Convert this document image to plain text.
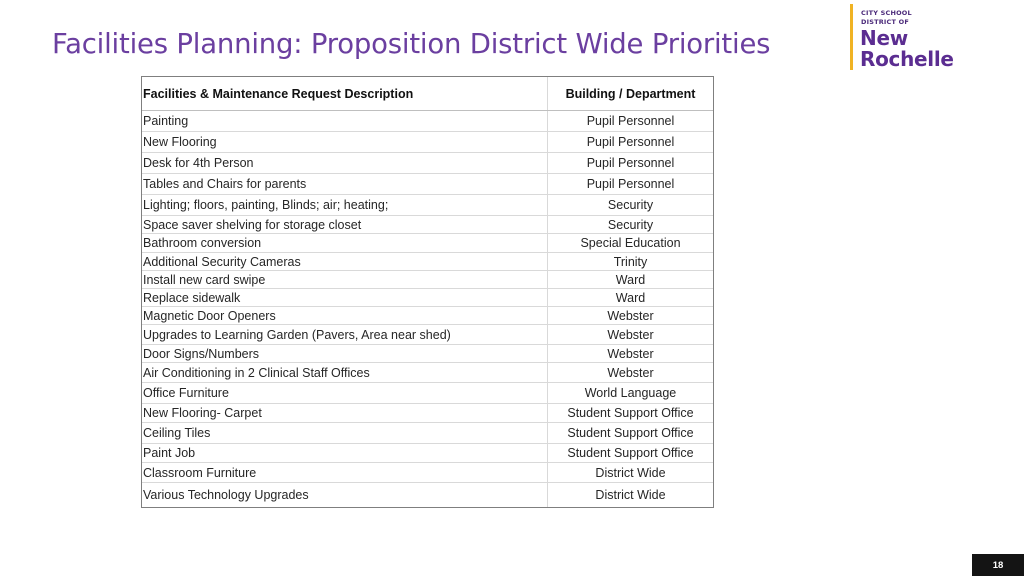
Facilities Planning: Proposition District Wide Priorities
CITY SCHOOL
DISTRICT OF
New
Rochelle
Facilities & Maintenance Request Description	Building / Department
Painting	Pupil Personnel
New Flooring	Pupil Personnel
Desk for 4th Person	Pupil Personnel
Tables and Chairs for parents	Pupil Personnel
Lighting; floors, painting, Blinds; air; heating;	Security
Space saver shelving for storage closet	Security
Bathroom conversion	Special Education
Additional Security Cameras	Trinity
Install new card swipe	Ward
Replace sidewalk	Ward
Magnetic Door Openers	Webster
Upgrades to Learning Garden (Pavers, Area near shed)	Webster
Door Signs/Numbers	Webster
Air Conditioning in 2 Clinical Staff Offices	Webster
Office Furniture	World Language
New Flooring- Carpet	Student Support Office
Ceiling Tiles	Student Support Office
Paint Job	Student Support Office
Classroom Furniture	District Wide
Various Technology Upgrades	District Wide
18
